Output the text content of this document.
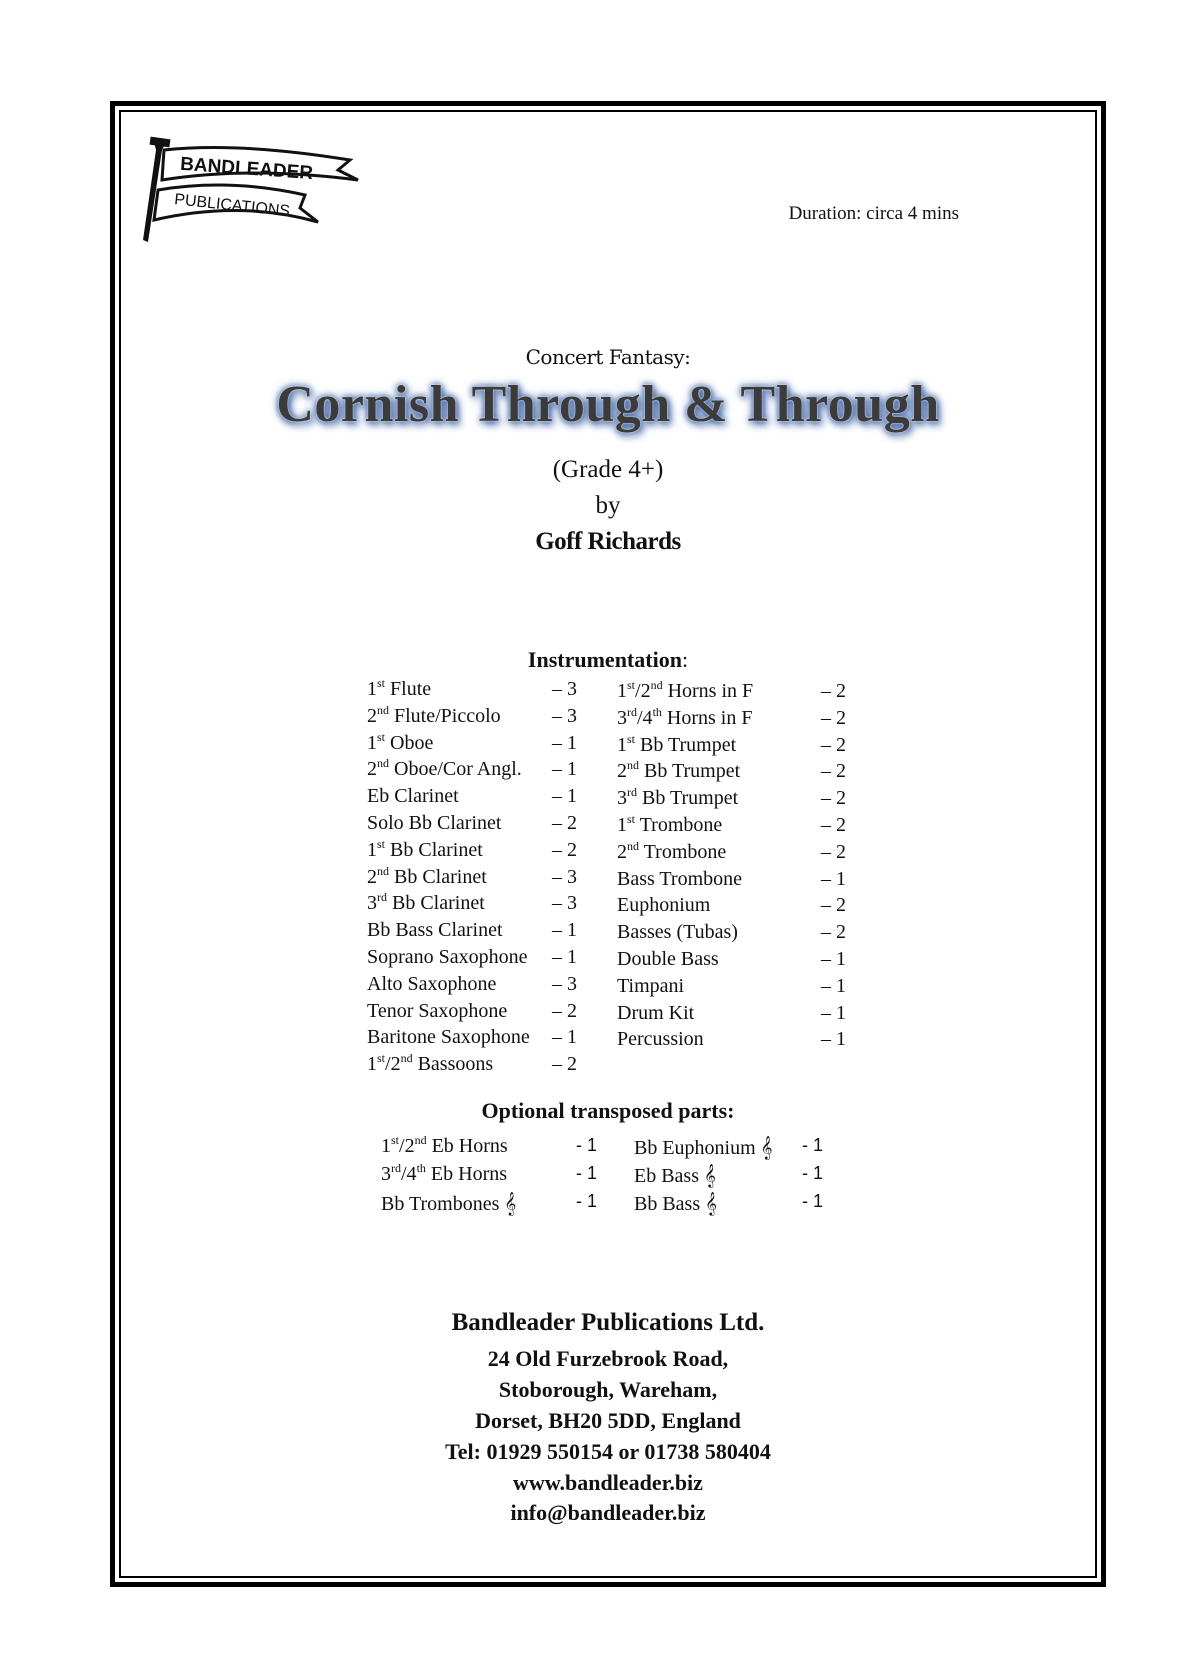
BANDLEADER
PUBLICATIONS	Duration: circa 4 mins
Concert Fantasy:
Cornish Through & Through
(Grade 4+)
by
Goff Richards
Instrumentation:
1st Flute	– 3
2nd Flute/Piccolo	– 3
1st Oboe	– 1
2nd Oboe/Cor Angl. – 1
Eb Clarinet	– 1
Solo Bb Clarinet	– 2
1st Bb Clarinet	– 2
2nd Bb Clarinet	– 3
3rd Bb Clarinet	– 3
Bb Bass Clarinet – 1
Soprano Saxophone – 1
Alto Saxophone	– 3
Tenor Saxophone – 2
Baritone Saxophone – 1
1st/2nd Bassoons	– 2
1st/2nd Horns in F	– 2
3rd/4th Horns in F	– 2
1st Bb Trumpet	– 2
2nd Bb Trumpet	– 2
3rd Bb Trumpet	– 2
1st Trombone	– 2
2nd Trombone	– 2
Bass Trombone	– 1
Euphonium	– 2
Basses (Tubas)	– 2
Double Bass	– 1
Timpani	– 1
Drum Kit	– 1
Percussion	– 1
Optional transposed parts:
1st/2nd Eb Horns	- 1
3rd/4th Eb Horns	- 1
Bb Trombones 𝄞	- 1
Bb Euphonium 𝄞 - 1
Eb Bass 𝄞	- 1
Bb Bass 𝄞	- 1
Bandleader Publications Ltd.
24 Old Furzebrook Road,
Stoborough, Wareham,
Dorset, BH20 5DD, England
Tel: 01929 550154 or 01738 580404
www.bandleader.biz
info@bandleader.biz
